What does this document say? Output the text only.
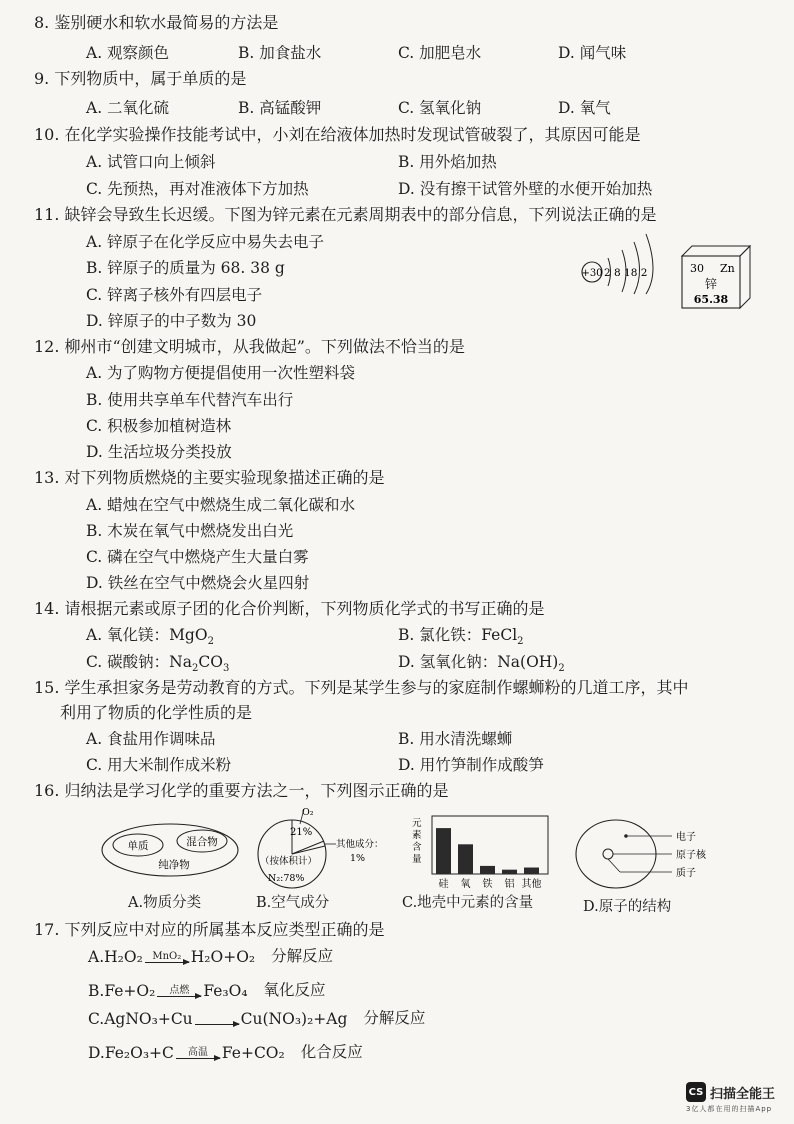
8. 鉴别硬水和软水最简易的方法是
A. 观察颜色	B. 加食盐水	C. 加肥皂水	D. 闻气味
9. 下列物质中，属于单质的是
A. 二氧化硫	B. 高锰酸钾	C. 氢氧化钠	D. 氧气
10. 在化学实验操作技能考试中，小刘在给液体加热时发现试管破裂了，其原因可能是
A. 试管口向上倾斜	B. 用外焰加热
C. 先预热，再对准液体下方加热	D. 没有擦干试管外壁的水便开始加热
11. 缺锌会导致生长迟缓。下图为锌元素在元素周期表中的部分信息，下列说法正确的是
A. 锌原子在化学反应中易失去电子
B. 锌原子的质量为 68. 38 g
C. 锌离子核外有四层电子
D. 锌原子的中子数为 30
+30 2 8 18 2	30 Zn
锌
65.38
12. 柳州市“创建文明城市，从我做起”。下列做法不恰当的是
A. 为了购物方便提倡使用一次性塑料袋
B. 使用共享单车代替汽车出行
C. 积极参加植树造林
D. 生活垃圾分类投放
13. 对下列物质燃烧的主要实验现象描述正确的是
A. 蜡烛在空气中燃烧生成二氧化碳和水
B. 木炭在氧气中燃烧发出白光
C. 磷在空气中燃烧产生大量白雾
D. 铁丝在空气中燃烧会火星四射
14. 请根据元素或原子团的化合价判断，下列物质化学式的书写正确的是
A. 氧化镁：MgO$_2$	B. 氯化铁：FeCl$_2$
C. 碳酸钠：$Na_2CO_3$	D. 氢氧化钠：$Na(OH)_2$
15. 学生承担家务是劳动教育的方式。下列是某学生参与的家庭制作螺蛳粉的几道工序，其中
利用了物质的化学性质的是
A. 食盐用作调味品	B. 用水清洗螺蛳
C. 用大米制作成米粉	D. 用竹笋制作成酸笋
16. 归纳法是学习化学的重要方法之一，下列图示正确的是
单质	混合物
纯净物
A.物质分类
O₂
21%
其他成分：
1%
（按体积计）
N₂:78%
B.空气成分
元
素
含
量
硅 氧 铁 铝 其他
C.地壳中元素的含量
电子
原子核
质子
D.原子的结构
17. 下列反应中对应的所属基本反应类型正确的是
A. H₂O₂ MnO₂ H₂O+O₂ 分解反应
B. Fe+O₂ 点燃 Fe₃O₄ 氧化反应
C. AgNO₃+Cu	Cu(NO₃)₂+Ag 分解反应
D. Fe₂O₃+C 高温 Fe+CO₂ 化合反应
CS 扫描全能王
3亿人都在用的扫描App
